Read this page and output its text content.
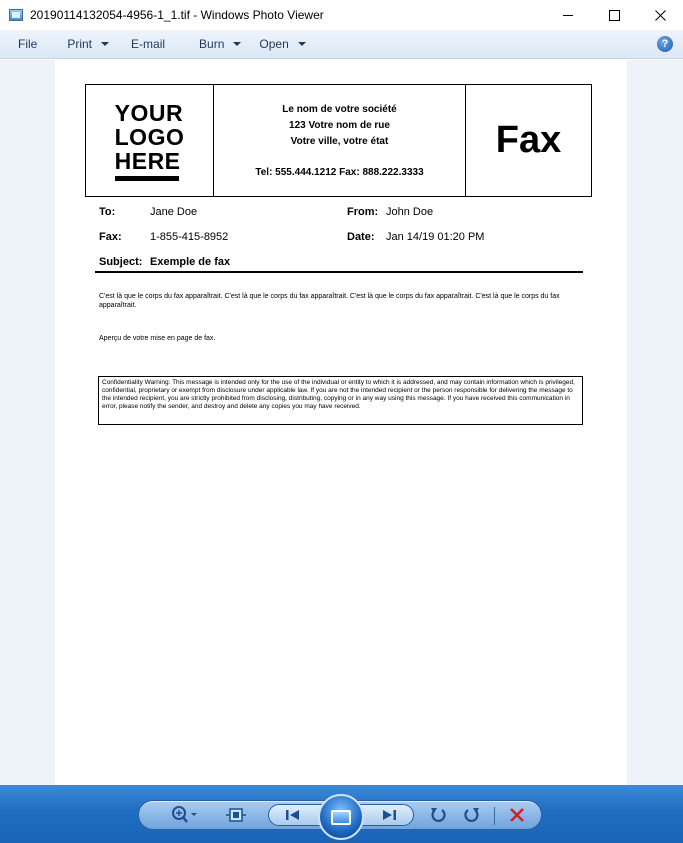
20190114132054-4956-1_1.tif - Windows Photo Viewer
File	Print	E-mail	Burn	Open	?
YOUR
LOGO
HERE
Le nom de votre société
123 Votre nom de rue
Votre ville, votre état
Tel: 555.444.1212 Fax: 888.222.3333
Fax
To:	Jane Doe	From: John Doe
Fax:	1-855-415-8952	Date: Jan 14/19 01:20 PM
Subject: Exemple de fax
C'est là que le corps du fax apparaîtrait. C'est là que le corps du fax apparaîtrait. C'est là que le corps du fax apparaîtrait. C'est là que le corps du fax apparaîtrait.
Aperçu de votre mise en page de fax.
Confidentiality Warning: This message is intended only for the use of the individual or entity to which it is addressed, and may contain information which is privileged, confidential, proprietary or exempt from disclosure under applicable law. If you are not the intended recipient or the person responsible for delivering the message to the intended recipient, you are strictly prohibited from disclosing, distributing, copying or in any way using this message. If you have received this communication in error, please notify the sender, and destroy and delete any copies you may have received.
